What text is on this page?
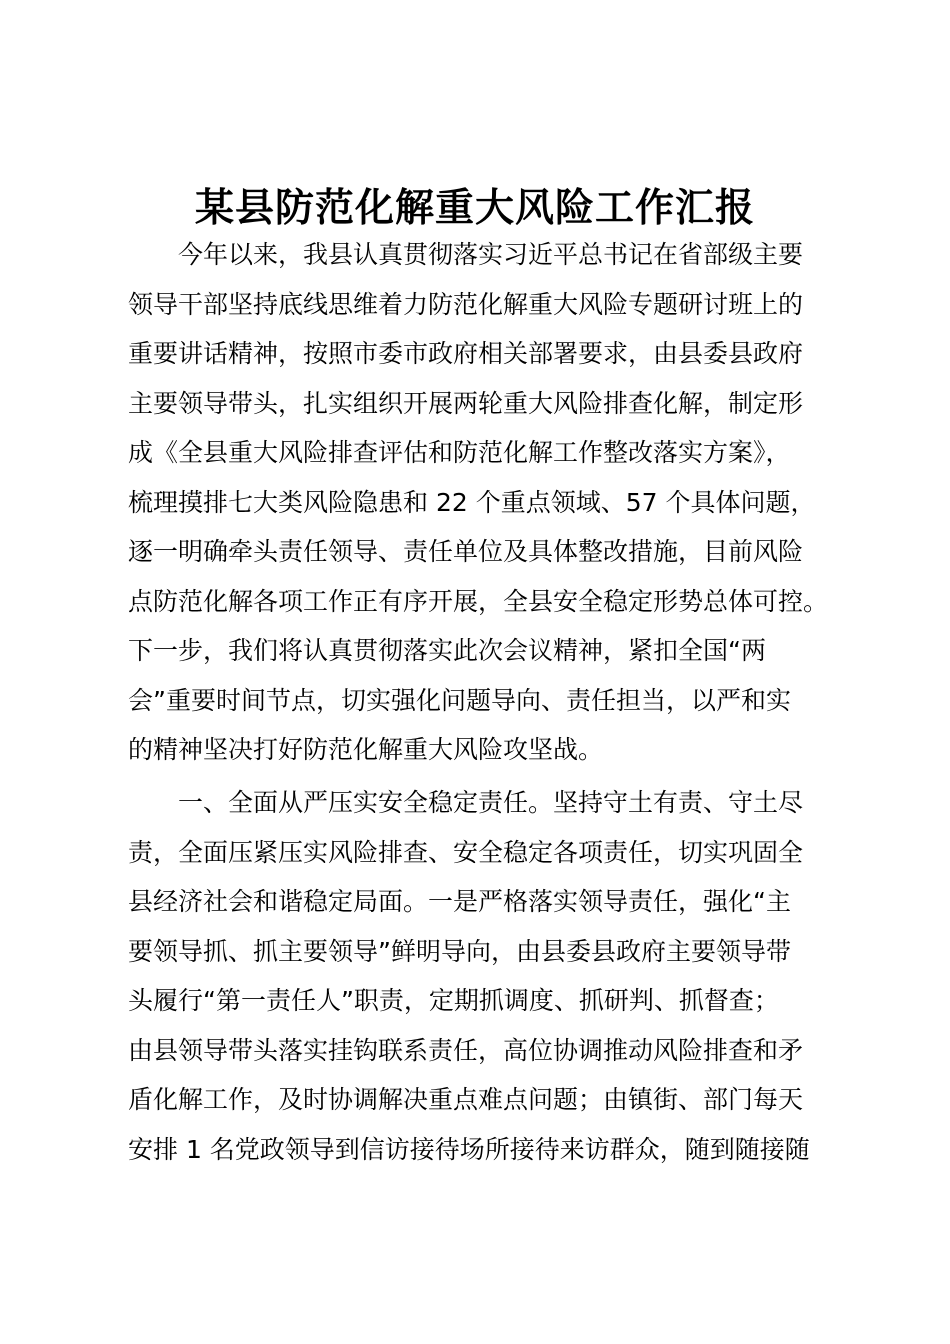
某县防范化解重大风险工作汇报
今年以来，我县认真贯彻落实习近平总书记在省部级主要
领导干部坚持底线思维着力防范化解重大风险专题研讨班上的
重要讲话精神，按照市委市政府相关部署要求，由县委县政府
主要领导带头，扎实组织开展两轮重大风险排查化解，制定形
成《全县重大风险排查评估和防范化解工作整改落实方案》，
梳理摸排七大类风险隐患和 22 个重点领域、57 个具体问题，
逐一明确牵头责任领导、责任单位及具体整改措施，目前风险
点防范化解各项工作正有序开展，全县安全稳定形势总体可控。
下一步，我们将认真贯彻落实此次会议精神，紧扣全国“两
会”重要时间节点，切实强化问题导向、责任担当，以严和实
的精神坚决打好防范化解重大风险攻坚战。
一、全面从严压实安全稳定责任。坚持守土有责、守土尽
责，全面压紧压实风险排查、安全稳定各项责任，切实巩固全
县经济社会和谐稳定局面。一是严格落实领导责任，强化“主
要领导抓、抓主要领导”鲜明导向，由县委县政府主要领导带
头履行“第一责任人”职责，定期抓调度、抓研判、抓督查；
由县领导带头落实挂钩联系责任，高位协调推动风险排查和矛
盾化解工作，及时协调解决重点难点问题；由镇街、部门每天
安排 1 名党政领导到信访接待场所接待来访群众，随到随接随
